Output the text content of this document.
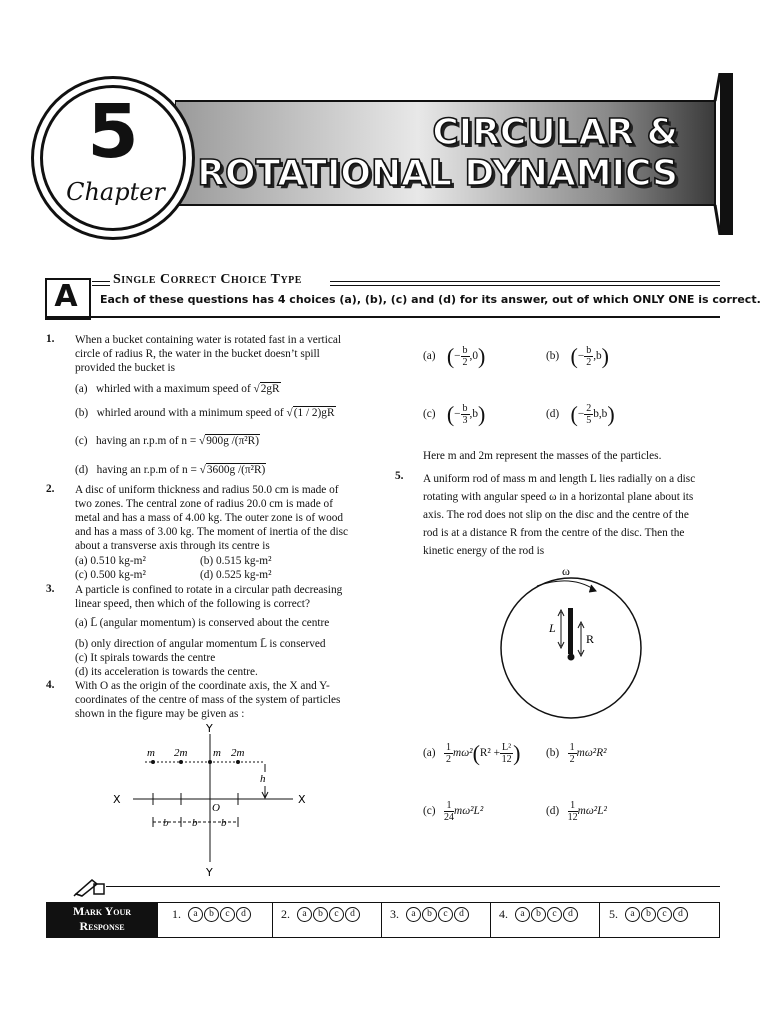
5
Chapter
CIRCULAR &
ROTATIONAL DYNAMICS
A	Single Correct Choice Type
Each of these questions has 4 choices (a), (b), (c) and (d) for its answer, out of which ONLY ONE is correct.
1. When a bucket containing water is rotated fast in a vertical
circle of radius R, the water in the bucket doesn’t spill
provided the bucket is
(a) whirled with a maximum speed of √2gR
(b) whirled around with a minimum speed of √(1 / 2)gR
(c) having an r.p.m of n = √900g /(π²R)
(d) having an r.p.m of n = √3600g /(π²R)
2. A disc of uniform thickness and radius 50.0 cm is made of
two zones. The central zone of radius 20.0 cm is made of
metal and has a mass of 4.00 kg. The outer zone is of wood
and has a mass of 3.00 kg. The moment of inertia of the disc
about a transverse axis through its centre is
(a) 0.510 kg-m²	(b) 0.515 kg-m²
(c) 0.500 kg-m²	(d) 0.525 kg-m²
3. A particle is confined to rotate in a circular path decreasing
linear speed, then which of the following is correct?
(a) L̄ (angular momentum) is conserved about the centre
(b) only direction of angular momentum L̄ is conserved
(c) It spirals towards the centre
(d) its acceleration is towards the centre.
4. With O as the origin of the coordinate axis, the X and Y-
coordinates of the centre of mass of the system of particles
shown in the figure may be given as :
Y
Y
X	X
O
h
m 2m m 2m
b b b
(a) (− $\frac{b}{2} ,0$)	(b) (− $\frac{b}{2} ,b$)
(c) (− $\frac{b}{3} ,b$)	(d) (− $\frac{2}{5} b,b$)
Here m and 2m represent the masses of the particles.
5. A uniform rod of mass m and length L lies radially on a disc
rotating with angular speed ω in a horizontal plane about its
axis. The rod does not slip on the disc and the centre of the
rod is at a distance R from the centre of the disc. Then the
kinetic energy of the rod is
ω
L
R
$(a) \frac{1}{2} m\omega^2(R^2 + \frac{\text{L²}}{12}$ ) $(b) \frac{1}{2} m\omega^2R^2$
$(c) \frac{1}{24} m\omega^2L^2$	$(d) \frac{1}{12} m\omega^2L^2$
Mark Your
Response
1.	a	b	c	d	2.	a	b	c	d	3.	a	b	c	d	4.	a	b	c	d	5.	a	b	c	d
